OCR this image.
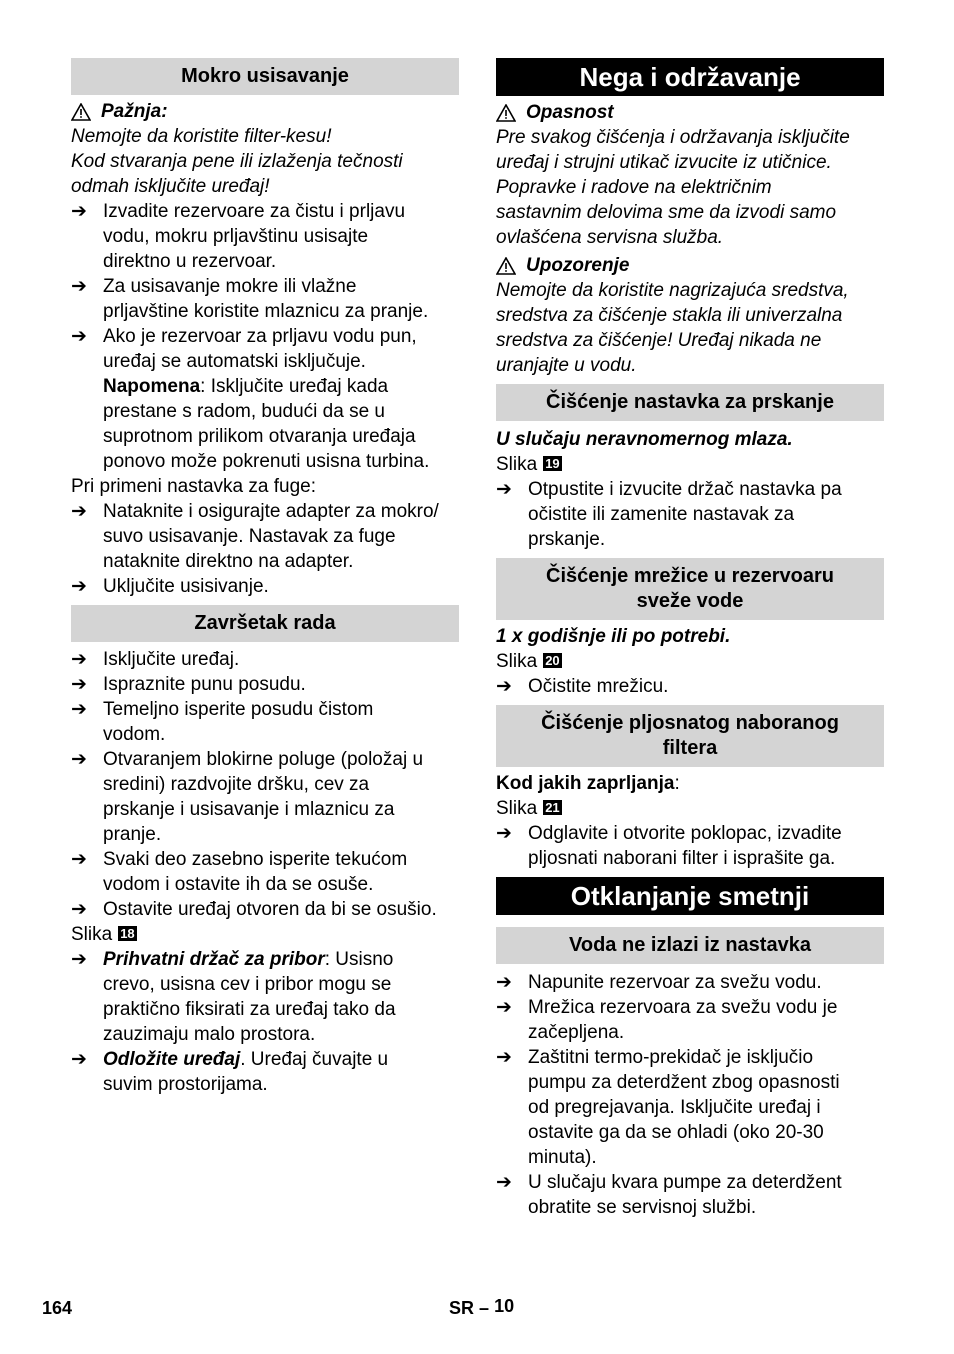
Mokro usisavanje
Pažnja:
Nemojte da koristite filter-kesu!
Kod stvaranja pene ili izlaženja tečnosti
odmah isključite uređaj!
➔ Izvadite rezervoare za čistu i prljavu
vodu, mokru prljavštinu usisajte
direktno u rezervoar.
➔ Za usisavanje mokre ili vlažne
prljavštine koristite mlaznicu za pranje.
➔ Ako je rezervoar za prljavu vodu pun,
uređaj se automatski isključuje.
Napomena: Isključite uređaj kada
prestane s radom, budući da se u
suprotnom prilikom otvaranja uređaja
ponovo može pokrenuti usisna turbina.
Pri primeni nastavka za fuge:
➔ Nataknite i osigurajte adapter za mokro/
suvo usisavanje. Nastavak za fuge
nataknite direktno na adapter.
➔ Uključite usisivanje.
Završetak rada
➔ Isključite uređaj.
➔ Ispraznite punu posudu.
➔ Temeljno isperite posudu čistom
vodom.
➔ Otvaranjem blokirne poluge (položaj u
sredini) razdvojite dršku, cev za
prskanje i usisavanje i mlaznicu za
pranje.
➔ Svaki deo zasebno isperite tekućom
vodom i ostavite ih da se osuše.
➔ Ostavite uređaj otvoren da bi se osušio.
Slika 18
➔ Prihvatni držač za pribor: Usisno
crevo, usisna cev i pribor mogu se
praktično fiksirati za uređaj tako da
zauzimaju malo prostora.
➔ Odložite uređaj. Uređaj čuvajte u
suvim prostorijama.
Nega i održavanje
Opasnost
Pre svakog čišćenja i održavanja isključite
uređaj i strujni utikač izvucite iz utičnice.
Popravke i radove na električnim
sastavnim delovima sme da izvodi samo
ovlašćena servisna služba.
Upozorenje
Nemojte da koristite nagrizajuća sredstva,
sredstva za čišćenje stakla ili univerzalna
sredstva za čišćenje! Uređaj nikada ne
uranjajte u vodu.
Čišćenje nastavka za prskanje
U slučaju neravnomernog mlaza.
Slika 19
➔ Otpustite i izvucite držač nastavka pa
očistite ili zamenite nastavak za
prskanje.
Čišćenje mrežice u rezervoaru
sveže vode
1 x godišnje ili po potrebi.
Slika 20
➔ Očistite mrežicu.
Čišćenje pljosnatog naboranog
filtera
Kod jakih zaprljanja:
Slika 21
➔ Odglavite i otvorite poklopac, izvadite
pljosnati naborani filter i isprašite ga.
Otklanjanje smetnji
Voda ne izlazi iz nastavka
➔ Napunite rezervoar za svežu vodu.
➔ Mrežica rezervoara za svežu vodu je
začepljena.
➔ Zaštitni termo-prekidač je isključio
pumpu za deterdžent zbog opasnosti
od pregrejavanja. Isključite uređaj i
ostavite ga da se ohladi (oko 20-30
minuta).
➔ U slučaju kvara pumpe za deterdžent
obratite se servisnoj službi.
164	SR – 10
